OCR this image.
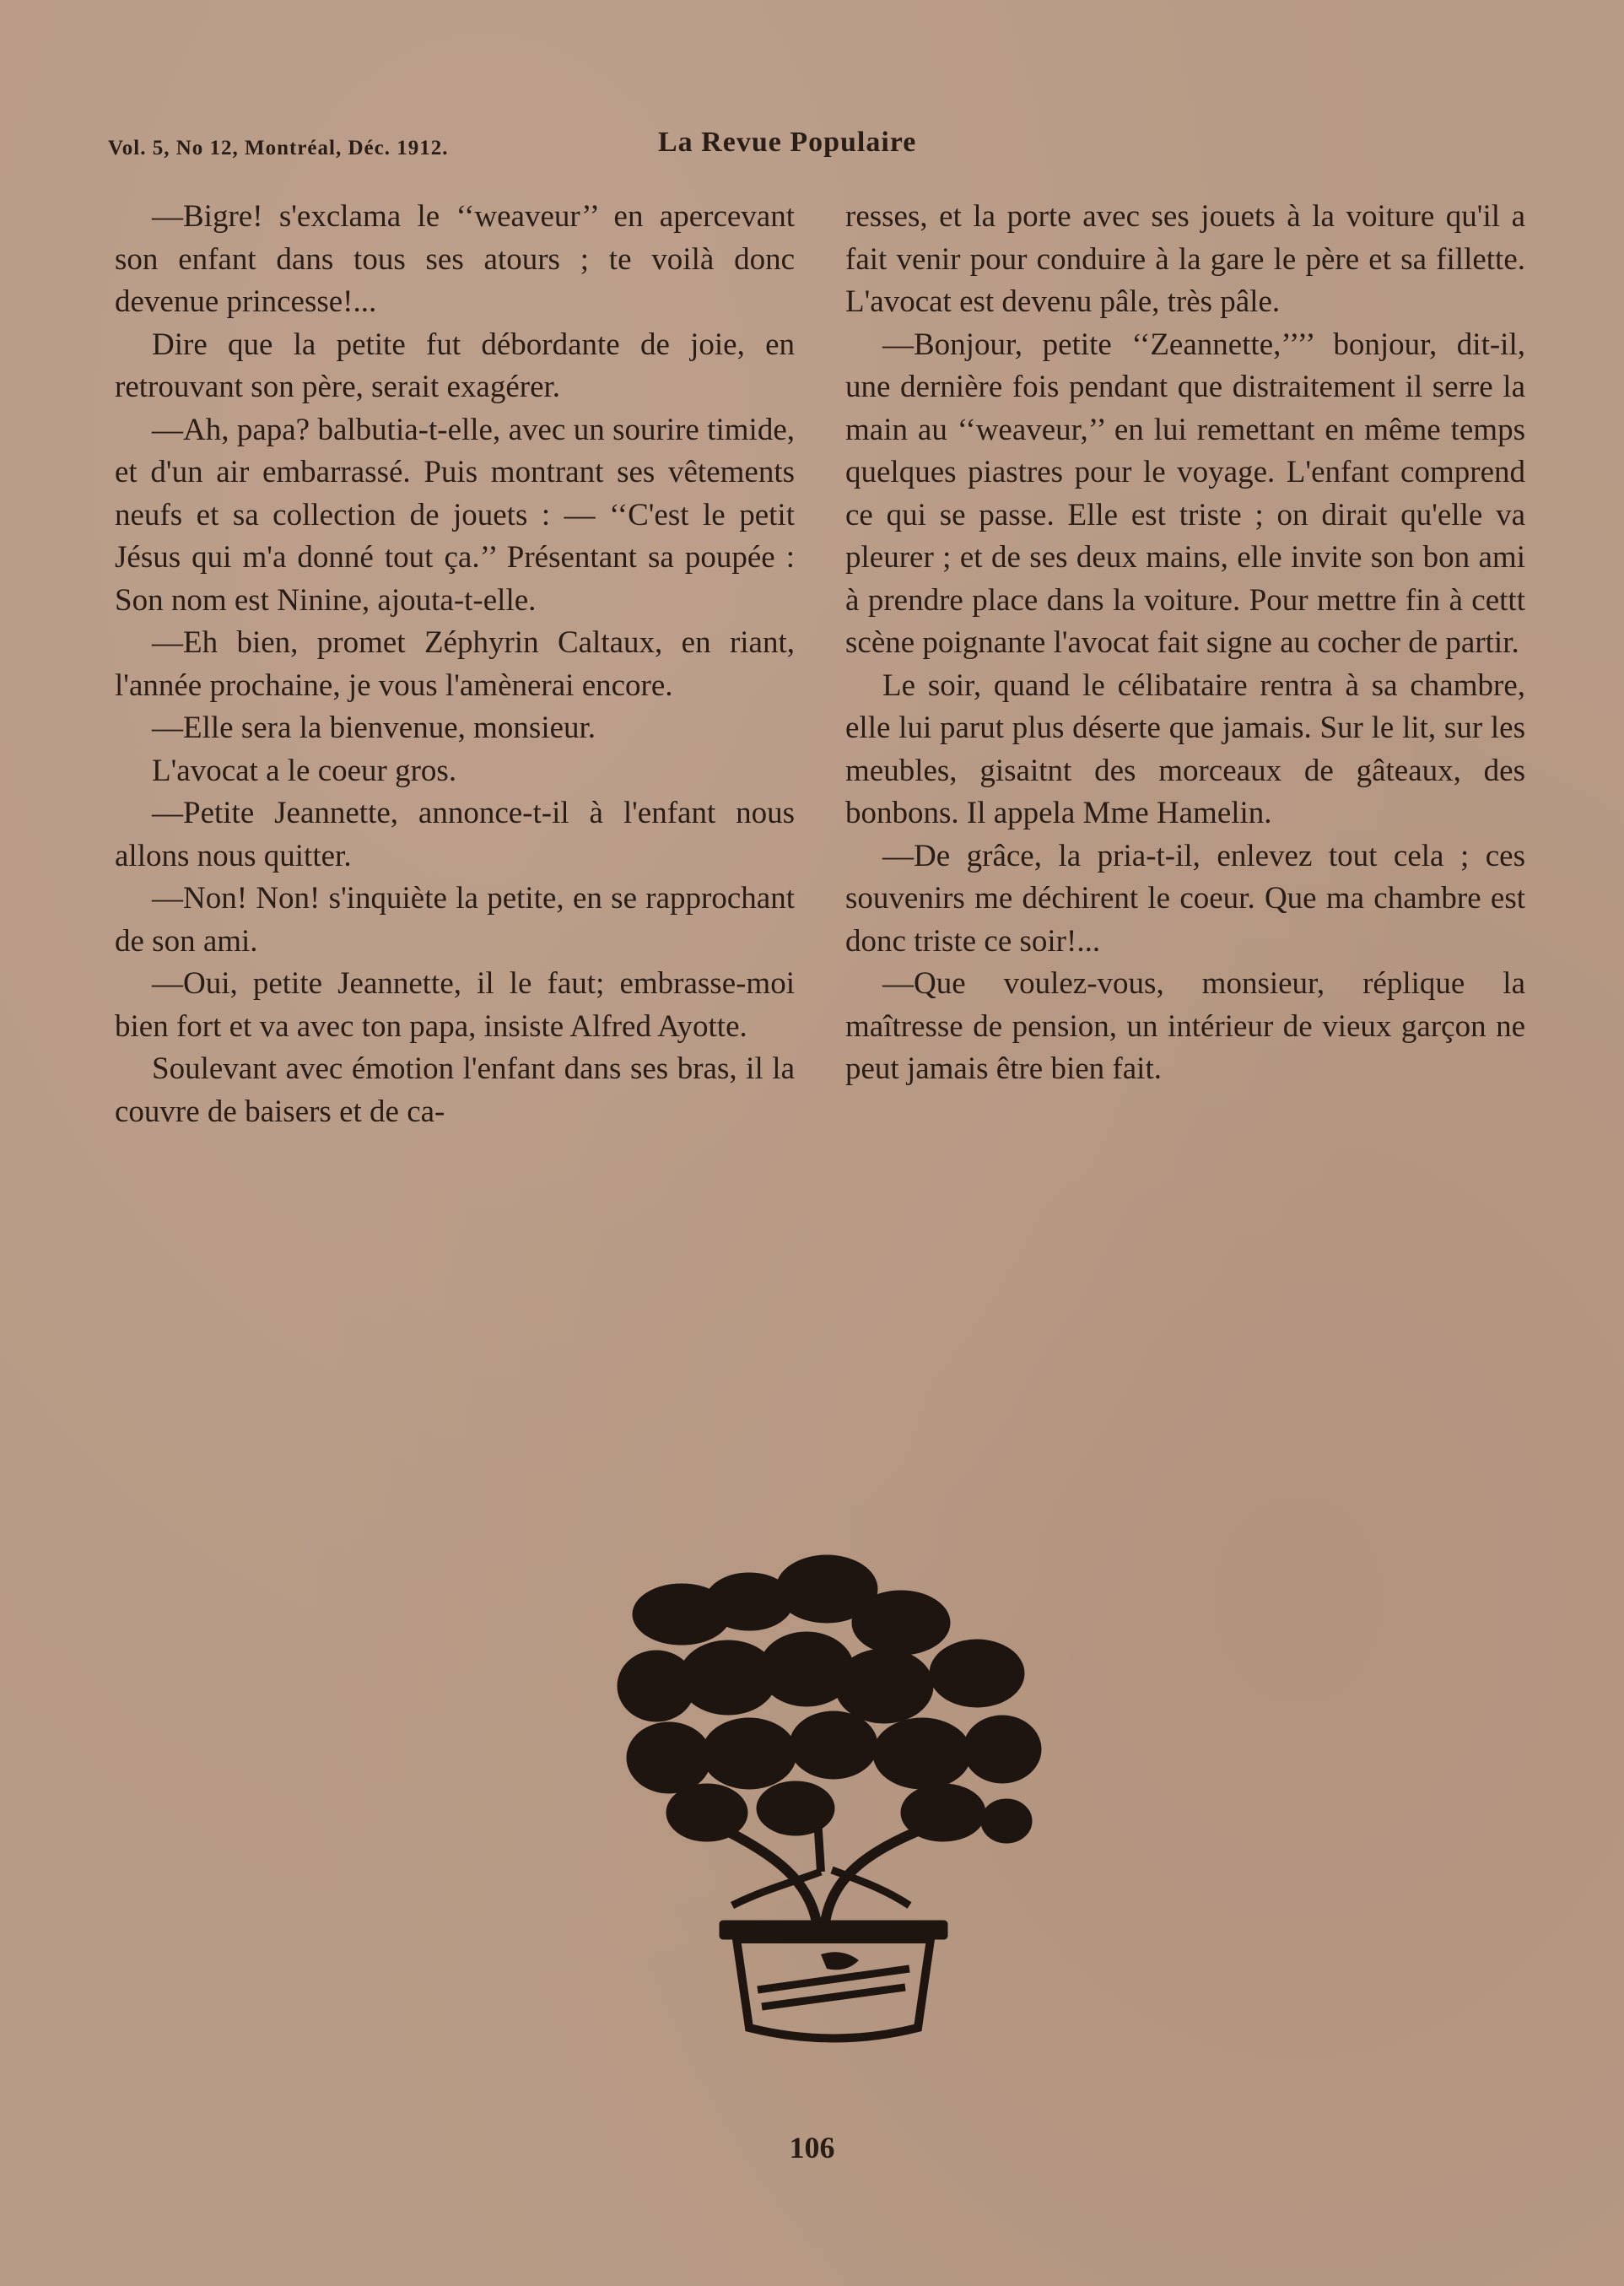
Vol. 5, No 12, Montréal, Déc. 1912.	La Revue Populaire

—Bigre! s'exclama le ‘‘weaveur’’ en apercevant son enfant dans tous ses atours ; te voilà donc devenue princesse!...

Dire que la petite fut débordante de joie, en retrouvant son père, serait exagérer.

—Ah, papa? balbutia-t-elle, avec un sourire timide, et d'un air embarrassé. Puis montrant ses vêtements neufs et sa collection de jouets : — ‘‘C'est le petit Jésus qui m'a donné tout ça.’’ Présentant sa poupée : Son nom est Ninine, ajouta-t-elle.

—Eh bien, promet Zéphyrin Caltaux, en riant, l'année prochaine, je vous l'amènerai encore.

—Elle sera la bienvenue, monsieur.

L'avocat a le coeur gros.

—Petite Jeannette, annonce-t-il à l'enfant nous allons nous quitter.

—Non! Non! s'inquiète la petite, en se rapprochant de son ami.

—Oui, petite Jeannette, il le faut; embrasse-moi bien fort et va avec ton papa, insiste Alfred Ayotte.

Soulevant avec émotion l'enfant dans ses bras, il la couvre de baisers et de ca-

resses, et la porte avec ses jouets à la voiture qu'il a fait venir pour conduire à la gare le père et sa fillette. L'avocat est devenu pâle, très pâle.

—Bonjour, petite ‘‘Zeannette,’’’’ bonjour, dit-il, une dernière fois pendant que distraitement il serre la main au ‘‘weaveur,’’ en lui remettant en même temps quelques piastres pour le voyage. L'enfant comprend ce qui se passe. Elle est triste ; on dirait qu'elle va pleurer ; et de ses deux mains, elle invite son bon ami à prendre place dans la voiture. Pour mettre fin à cettt scène poignante l'avocat fait signe au cocher de partir.

Le soir, quand le célibataire rentra à sa chambre, elle lui parut plus déserte que jamais. Sur le lit, sur les meubles, gisaitnt des morceaux de gâteaux, des bonbons. Il appela Mme Hamelin.

—De grâce, la pria-t-il, enlevez tout cela ; ces souvenirs me déchirent le coeur. Que ma chambre est donc triste ce soir!...

—Que voulez-vous, monsieur, réplique la maîtresse de pension, un intérieur de vieux garçon ne peut jamais être bien fait.

106
